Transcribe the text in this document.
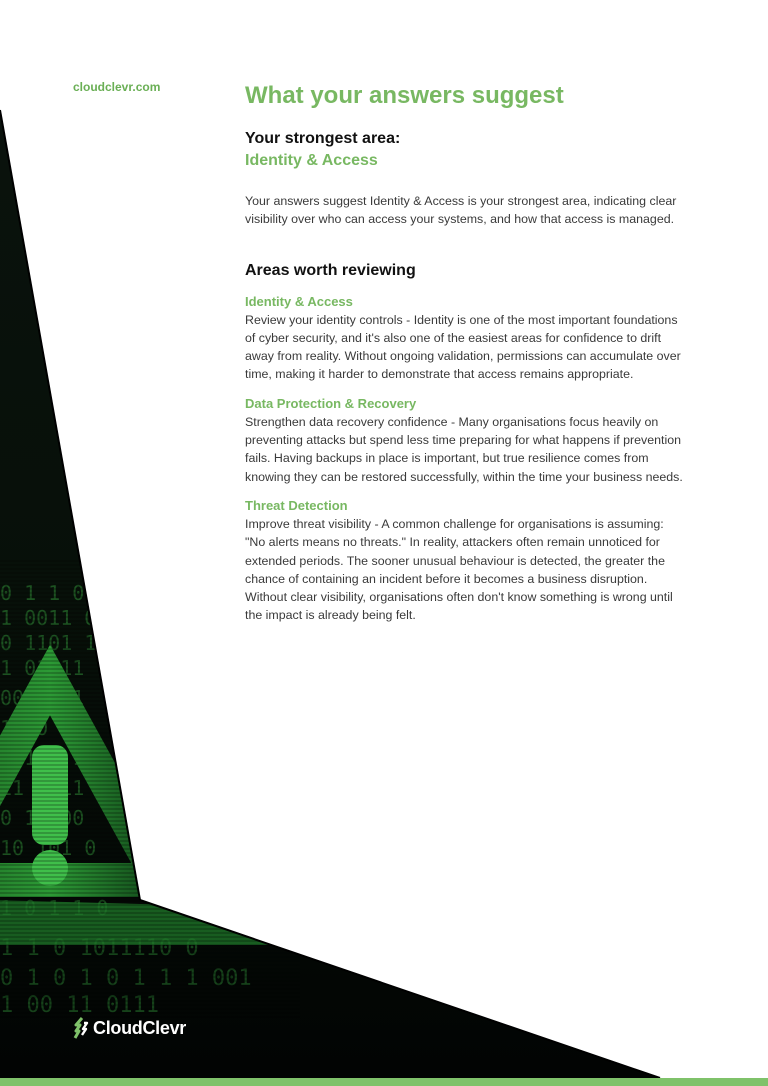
cloudclevr.com	What your answers suggest
Your strongest area:
Identity & Access

Your answers suggest Identity & Access is your strongest area, indicating clear visibility over who can access your systems, and how that access is managed.

Areas worth reviewing
Identity & Access
Review your identity controls - Identity is one of the most important foundations of cyber security, and it's also one of the easiest areas for confidence to drift away from reality. Without ongoing validation, permissions can accumulate over time, making it harder to demonstrate that access remains appropriate.
Data Protection & Recovery
Strengthen data recovery confidence - Many organisations focus heavily on preventing attacks but spend less time preparing for what happens if prevention fails. Having backups in place is important, but true resilience comes from knowing they can be restored successfully, within the time your business needs.
Threat Detection
Improve threat visibility - A common challenge for organisations is assuming: "No alerts means no threats." In reality, attackers often remain unnoticed for extended periods. The sooner unusual behaviour is detected, the greater the chance of containing an incident before it becomes a business disruption. Without clear visibility, organisations often don't know something is wrong until the impact is already being felt.
CloudClevr
